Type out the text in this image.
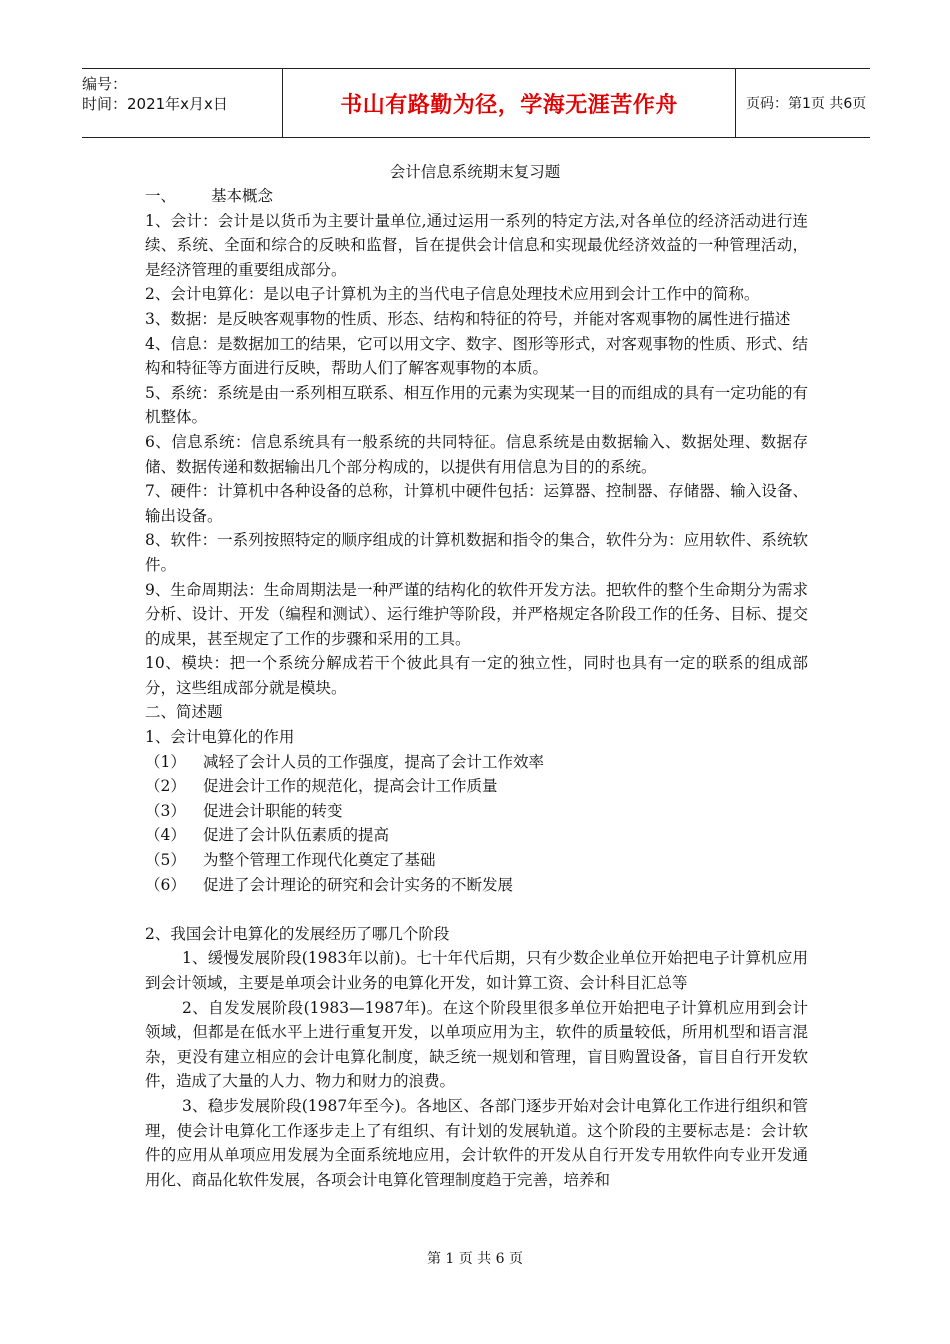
编号：
时间：2021年x月x日	书山有路勤为径，学海无涯苦作舟	页码：第1页 共6页
会计信息系统期末复习题

一、 基本概念

1、会计：会计是以货币为主要计量单位,通过运用一系列的特定方法,对各单位的经济活动进行连续、系统、全面和综合的反映和监督，旨在提供会计信息和实现最优经济效益的一种管理活动，是经济管理的重要组成部分。

2、会计电算化：是以电子计算机为主的当代电子信息处理技术应用到会计工作中的简称。

3、数据：是反映客观事物的性质、形态、结构和特征的符号，并能对客观事物的属性进行描述

4、信息：是数据加工的结果，它可以用文字、数字、图形等形式，对客观事物的性质、形式、结构和特征等方面进行反映，帮助人们了解客观事物的本质。

5、系统：系统是由一系列相互联系、相互作用的元素为实现某一目的而组成的具有一定功能的有机整体。

6、信息系统：信息系统具有一般系统的共同特征。信息系统是由数据输入、数据处理、数据存储、数据传递和数据输出几个部分构成的，以提供有用信息为目的的系统。

7、硬件：计算机中各种设备的总称，计算机中硬件包括：运算器、控制器、存储器、输入设备、输出设备。

8、软件：一系列按照特定的顺序组成的计算机数据和指令的集合，软件分为：应用软件、系统软件。

9、生命周期法：生命周期法是一种严谨的结构化的软件开发方法。把软件的整个生命期分为需求分析、设计、开发（编程和测试）、运行维护等阶段，并严格规定各阶段工作的任务、目标、提交的成果，甚至规定了工作的步骤和采用的工具。

10、模块：把一个系统分解成若干个彼此具有一定的独立性，同时也具有一定的联系的组成部分，这些组成部分就是模块。

二、简述题

1、会计电算化的作用

（1）	减轻了会计人员的工作强度，提高了会计工作效率
（2）	促进会计工作的规范化，提高会计工作质量
（3）	促进会计职能的转变
（4）	促进了会计队伍素质的提高
（5）	为整个管理工作现代化奠定了基础
（6）	促进了会计理论的研究和会计实务的不断发展

2、我国会计电算化的发展经历了哪几个阶段

1、缓慢发展阶段(1983年以前)。七十年代后期，只有少数企业单位开始把电子计算机应用到会计领域，主要是单项会计业务的电算化开发，如计算工资、会计科目汇总等

2、自发发展阶段(1983—1987年)。在这个阶段里很多单位开始把电子计算机应用到会计领域，但都是在低水平上进行重复开发，以单项应用为主，软件的质量较低，所用机型和语言混杂，更没有建立相应的会计电算化制度，缺乏统一规划和管理，盲目购置设备，盲目自行开发软件，造成了大量的人力、物力和财力的浪费。

3、稳步发展阶段(1987年至今)。各地区、各部门逐步开始对会计电算化工作进行组织和管理，使会计电算化工作逐步走上了有组织、有计划的发展轨道。这个阶段的主要标志是：会计软件的应用从单项应用发展为全面系统地应用，会计软件的开发从自行开发专用软件向专业开发通用化、商品化软件发展，各项会计电算化管理制度趋于完善，培养和

第 1 页 共 6 页
